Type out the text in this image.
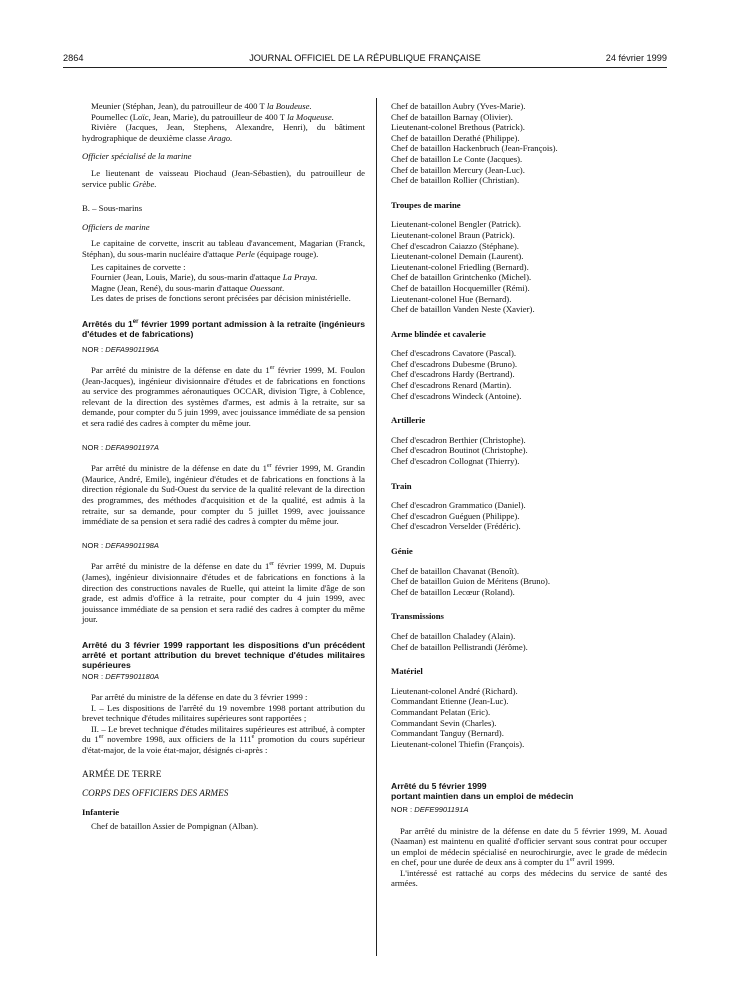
2864	JOURNAL OFFICIEL DE LA RÉPUBLIQUE FRANÇAISE	24 février 1999

Meunier (Stéphan, Jean), du patrouilleur de 400 T la Boudeuse.

Poumellec (Loïc, Jean, Marie), du patrouilleur de 400 T la Moqueuse.

Rivière (Jacques, Jean, Stephens, Alexandre, Henri), du bâtiment hydrographique de deuxième classe Arago.

Officier spécialisé de la marine

Le lieutenant de vaisseau Piochaud (Jean-Sébastien), du patrouilleur de service public Grèbe.

B. – Sous-marins

Officiers de marine

Le capitaine de corvette, inscrit au tableau d'avancement, Magarian (Franck, Stéphan), du sous-marin nucléaire d'attaque Perle (équipage rouge).

Les capitaines de corvette :

Fournier (Jean, Louis, Marie), du sous-marin d'attaque La Praya.

Magne (Jean, René), du sous-marin d'attaque Ouessant.

Les dates de prises de fonctions seront précisées par décision ministérielle.

Arrêtés du 1er février 1999 portant admission à la retraite (ingénieurs d'études et de fabrications)

NOR : DEFA9901196A

Par arrêté du ministre de la défense en date du 1er février 1999, M. Foulon (Jean-Jacques), ingénieur divisionnaire d'études et de fabrications en fonctions au service des programmes aéronautiques OCCAR, division Tigre, à Coblence, relevant de la direction des systèmes d'armes, est admis à la retraite, sur sa demande, pour compter du 5 juin 1999, avec jouissance immédiate de sa pension et sera radié des cadres à compter du même jour.

NOR : DEFA9901197A

Par arrêté du ministre de la défense en date du 1er février 1999, M. Grandin (Maurice, André, Emile), ingénieur d'études et de fabrications en fonctions à la direction régionale du Sud-Ouest du service de la qualité relevant de la direction des programmes, des méthodes d'acquisition et de la qualité, est admis à la retraite, sur sa demande, pour compter du 5 juillet 1999, avec jouissance immédiate de sa pension et sera radié des cadres à compter du même jour.

NOR : DEFA9901198A

Par arrêté du ministre de la défense en date du 1er février 1999, M. Dupuis (James), ingénieur divisionnaire d'études et de fabrications en fonctions à la direction des constructions navales de Ruelle, qui atteint la limite d'âge de son grade, est admis d'office à la retraite, pour compter du 4 juin 1999, avec jouissance immédiate de sa pension et sera radié des cadres à compter du même jour.

Arrêté du 3 février 1999 rapportant les dispositions d'un précédent arrêté et portant attribution du brevet technique d'études militaires supérieures

NOR : DEFT9901180A

Par arrêté du ministre de la défense en date du 3 février 1999 :

I. – Les dispositions de l'arrêté du 19 novembre 1998 portant attribution du brevet technique d'études militaires supérieures sont rapportées ;

II. – Le brevet technique d'études militaires supérieures est attribué, à compter du 1er novembre 1998, aux officiers de la 111e promotion du cours supérieur d'état-major, de la voie état-major, désignés ci-après :

ARMÉE DE TERRE

CORPS DES OFFICIERS DES ARMES

Infanterie

Chef de bataillon Assier de Pompignan (Alban).

Chef de bataillon Aubry (Yves-Marie).
Chef de bataillon Barnay (Olivier).
Lieutenant-colonel Brethous (Patrick).
Chef de bataillon Derathé (Philippe).
Chef de bataillon Hackenbruch (Jean-François).
Chef de bataillon Le Conte (Jacques).
Chef de bataillon Mercury (Jean-Luc).
Chef de bataillon Rollier (Christian).

Troupes de marine

Lieutenant-colonel Bengler (Patrick).
Lieutenant-colonel Braun (Patrick).
Chef d'escadron Caiazzo (Stéphane).
Lieutenant-colonel Demain (Laurent).
Lieutenant-colonel Friedling (Bernard).
Chef de bataillon Grintchenko (Michel).
Chef de bataillon Hocquemiller (Rémi).
Lieutenant-colonel Hue (Bernard).
Chef de bataillon Vanden Neste (Xavier).

Arme blindée et cavalerie

Chef d'escadrons Cavatore (Pascal).
Chef d'escadrons Dubesme (Bruno).
Chef d'escadrons Hardy (Bertrand).
Chef d'escadrons Renard (Martin).
Chef d'escadrons Windeck (Antoine).

Artillerie

Chef d'escadron Berthier (Christophe).
Chef d'escadron Boutinot (Christophe).
Chef d'escadron Collognat (Thierry).

Train

Chef d'escadron Grammatico (Daniel).
Chef d'escadron Guéguen (Philippe).
Chef d'escadron Verselder (Frédéric).

Génie

Chef de bataillon Chavanat (Benoît).
Chef de bataillon Guion de Méritens (Bruno).
Chef de bataillon Lecœur (Roland).

Transmissions

Chef de bataillon Chaladey (Alain).
Chef de bataillon Pellistrandi (Jérôme).

Matériel

Lieutenant-colonel André (Richard).
Commandant Etienne (Jean-Luc).
Commandant Pelatan (Eric).
Commandant Sevin (Charles).
Commandant Tanguy (Bernard).
Lieutenant-colonel Thiefin (François).

Arrêté du 5 février 1999
portant maintien dans un emploi de médecin

NOR : DEFE9901191A

Par arrêté du ministre de la défense en date du 5 février 1999, M. Aouad (Naaman) est maintenu en qualité d'officier servant sous contrat pour occuper un emploi de médecin spécialisé en neurochirurgie, avec le grade de médecin en chef, pour une durée de deux ans à compter du 1er avril 1999.

L'intéressé est rattaché au corps des médecins du service de santé des armées.
